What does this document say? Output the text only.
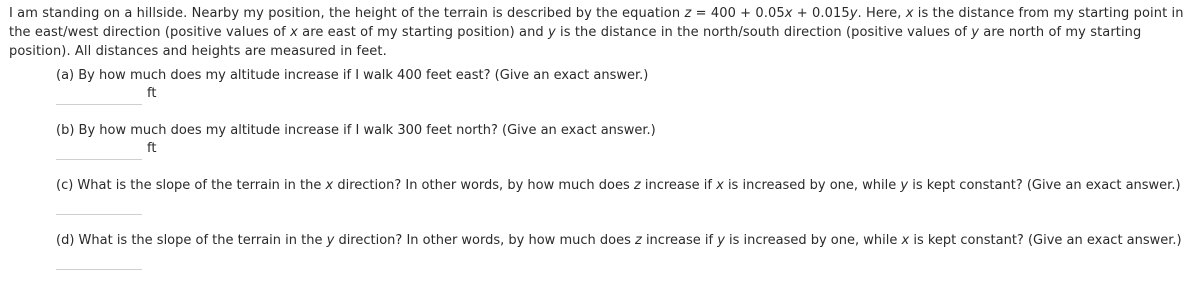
I am standing on a hillside. Nearby my position, the height of the terrain is described by the equation z = 400 + 0.05x + 0.015y. Here, x is the distance from my starting point in the east/west direction (positive values of x are east of my starting position) and y is the distance in the north/south direction (positive values of y are north of my starting position). All distances and heights are measured in feet.
(a) By how much does my altitude increase if I walk 400 feet east? (Give an exact answer.)
ft
(b) By how much does my altitude increase if I walk 300 feet north? (Give an exact answer.)
ft
(c) What is the slope of the terrain in the x direction? In other words, by how much does z increase if x is increased by one, while y is kept constant? (Give an exact answer.)
(d) What is the slope of the terrain in the y direction? In other words, by how much does z increase if y is increased by one, while x is kept constant? (Give an exact answer.)
